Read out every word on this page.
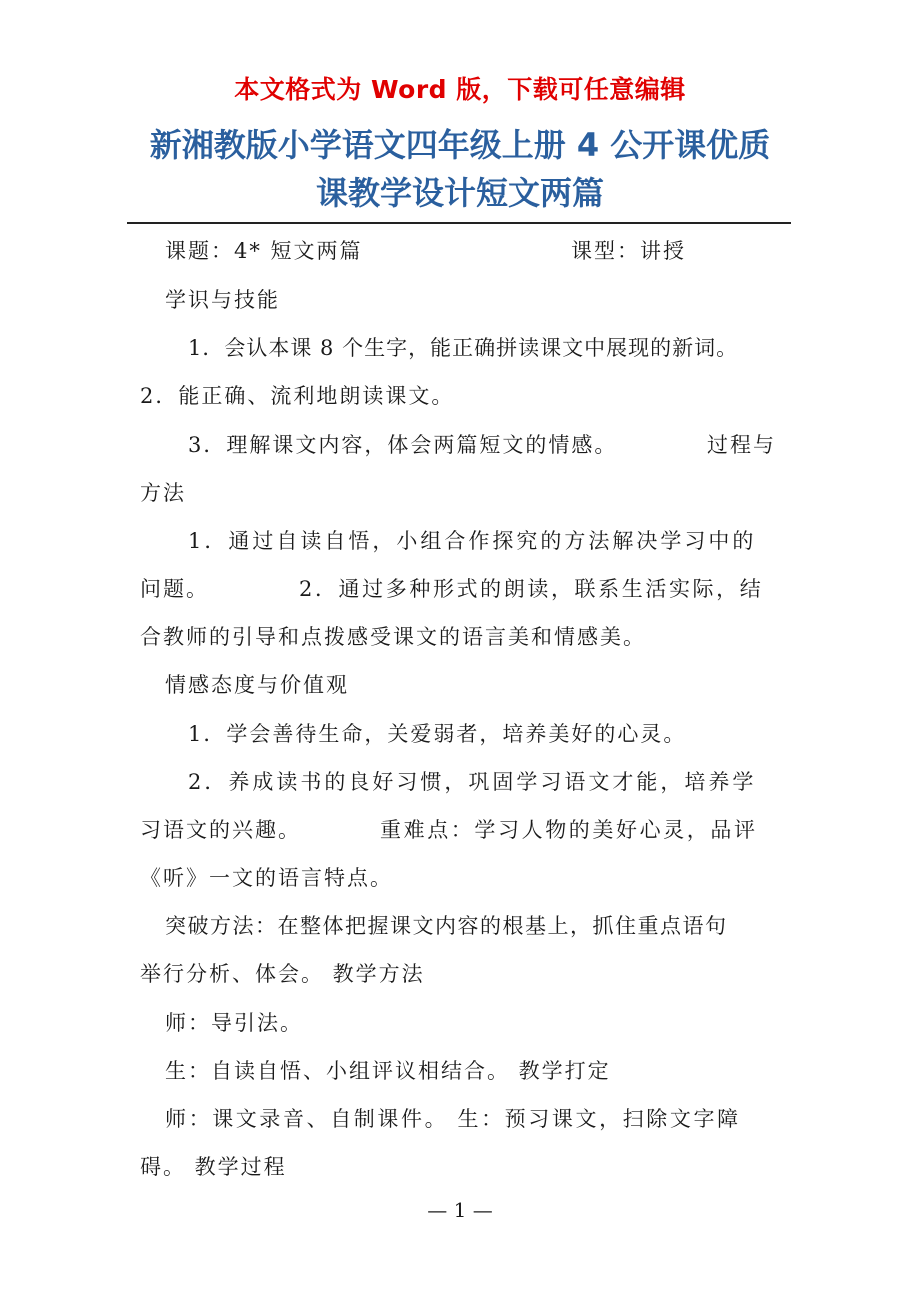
本文格式为 Word 版，下载可任意编辑
新湘教版小学语文四年级上册 4 公开课优质
课教学设计短文两篇
课题：4* 短文两篇	课型：讲授
学识与技能
1．会认本课 8 个生字，能正确拼读课文中展现的新词。
2．能正确、流利地朗读课文。
3．理解课文内容，体会两篇短文的情感。	过程与
方法
1．通过自读自悟，小组合作探究的方法解决学习中的
问题。	2．通过多种形式的朗读，联系生活实际，结
合教师的引导和点拨感受课文的语言美和情感美。
情感态度与价值观
1．学会善待生命，关爱弱者，培养美好的心灵。
2．养成读书的良好习惯，巩固学习语文才能，培养学
习语文的兴趣。	重难点：学习人物的美好心灵，品评
《听》一文的语言特点。
突破方法：在整体把握课文内容的根基上，抓住重点语句
举行分析、体会。 教学方法
师：导引法。
生：自读自悟、小组评议相结合。 教学打定
师：课文录音、自制课件。 生：预习课文，扫除文字障
碍。 教学过程
— 1 —
